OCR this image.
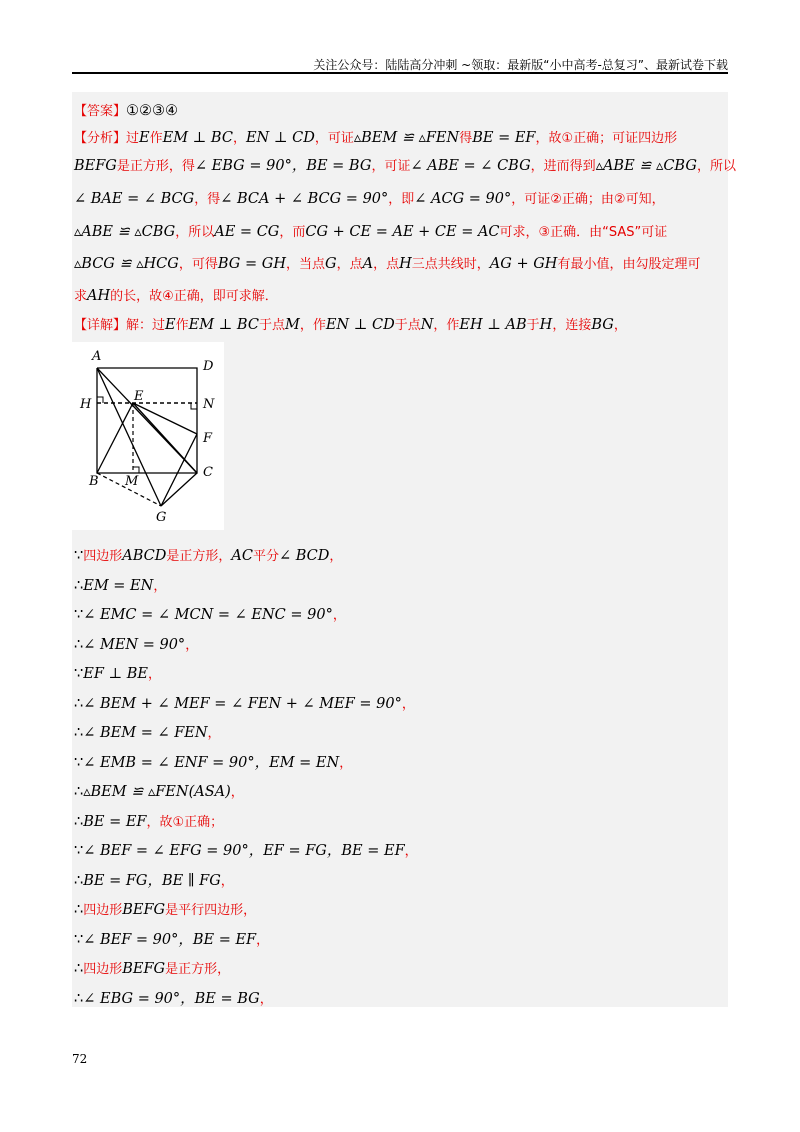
关注公众号：陆陆高分冲刺 ~领取：最新版“小中高考-总复习”、最新试卷下载
【答案】①②③④
【分析】过E作EM ⊥ BC，EN ⊥ CD，可证▵BEM ≌ ▵FEN得BE = EF，故①正确；可证四边形
BEFG是正方形，得∠ EBG = 90°，BE = BG，可证∠ ABE = ∠ CBG，进而得到▵ABE ≌ ▵CBG，所以
∠ BAE = ∠ BCG，得∠ BCA + ∠ BCG = 90°，即∠ ACG = 90°，可证②正确；由②可知，
▵ABE ≌ ▵CBG，所以AE = CG，而CG + CE = AE + CE = AC可求，③正确．由“SAS”可证
▵BCG ≌ ▵HCG，可得BG = GH，当点G，点A，点H三点共线时，AG + GH有最小值，由勾股定理可
求AH的长，故④正确，即可求解．
【详解】解：过E作EM ⊥ BC于点M，作EN ⊥ CD于点N，作EH ⊥ AB于H，连接BG，
∵四边形ABCD是正方形，AC平分∠ BCD，
∴EM = EN，
∵∠ EMC = ∠ MCN = ∠ ENC = 90°，
∴∠ MEN = 90°，
∵EF ⊥ BE，
∴∠ BEM + ∠ MEF = ∠ FEN + ∠ MEF = 90°，
∴∠ BEM = ∠ FEN，
∵∠ EMB = ∠ ENF = 90°，EM = EN，
∴▵BEM ≌ ▵FEN(ASA)，
∴BE = EF，故①正确；
∵∠ BEF = ∠ EFG = 90°，EF = FG，BE = EF，
∴BE = FG，BE ∥ FG，
∴四边形BEFG是平行四边形，
∵∠ BEF = 90°，BE = EF，
∴四边形BEFG是正方形，
∴∠ EBG = 90°，BE = BG，
A
D
H
E
N
F
B M
C
G
72
